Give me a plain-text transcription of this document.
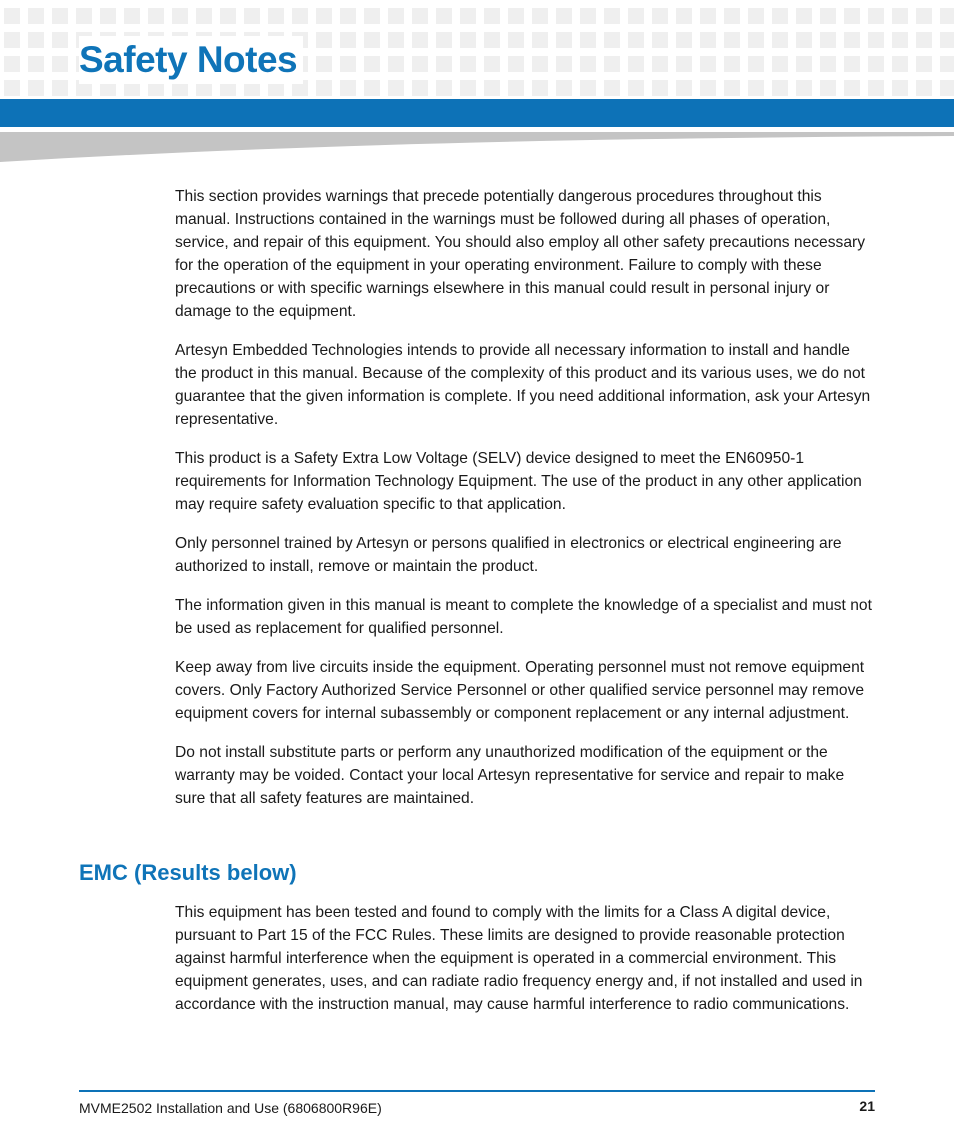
Safety Notes

This section provides warnings that precede potentially dangerous procedures throughout this manual. Instructions contained in the warnings must be followed during all phases of operation, service, and repair of this equipment. You should also employ all other safety precautions necessary for the operation of the equipment in your operating environment. Failure to comply with these precautions or with specific warnings elsewhere in this manual could result in personal injury or damage to the equipment.

Artesyn Embedded Technologies intends to provide all necessary information to install and handle the product in this manual. Because of the complexity of this product and its various uses, we do not guarantee that the given information is complete. If you need additional information, ask your Artesyn representative.

This product is a Safety Extra Low Voltage (SELV) device designed to meet the EN60950-1 requirements for Information Technology Equipment. The use of the product in any other application may require safety evaluation specific to that application.

Only personnel trained by Artesyn or persons qualified in electronics or electrical engineering are authorized to install, remove or maintain the product.

The information given in this manual is meant to complete the knowledge of a specialist and must not be used as replacement for qualified personnel.

Keep away from live circuits inside the equipment. Operating personnel must not remove equipment covers. Only Factory Authorized Service Personnel or other qualified service personnel may remove equipment covers for internal subassembly or component replacement or any internal adjustment.

Do not install substitute parts or perform any unauthorized modification of the equipment or the warranty may be voided. Contact your local Artesyn representative for service and repair to make sure that all safety features are maintained.

EMC (Results below)

This equipment has been tested and found to comply with the limits for a Class A digital device, pursuant to Part 15 of the FCC Rules. These limits are designed to provide reasonable protection against harmful interference when the equipment is operated in a commercial environment. This equipment generates, uses, and can radiate radio frequency energy and, if not installed and used in accordance with the instruction manual, may cause harmful interference to radio communications.

MVME2502 Installation and Use (6806800R96E)	21
